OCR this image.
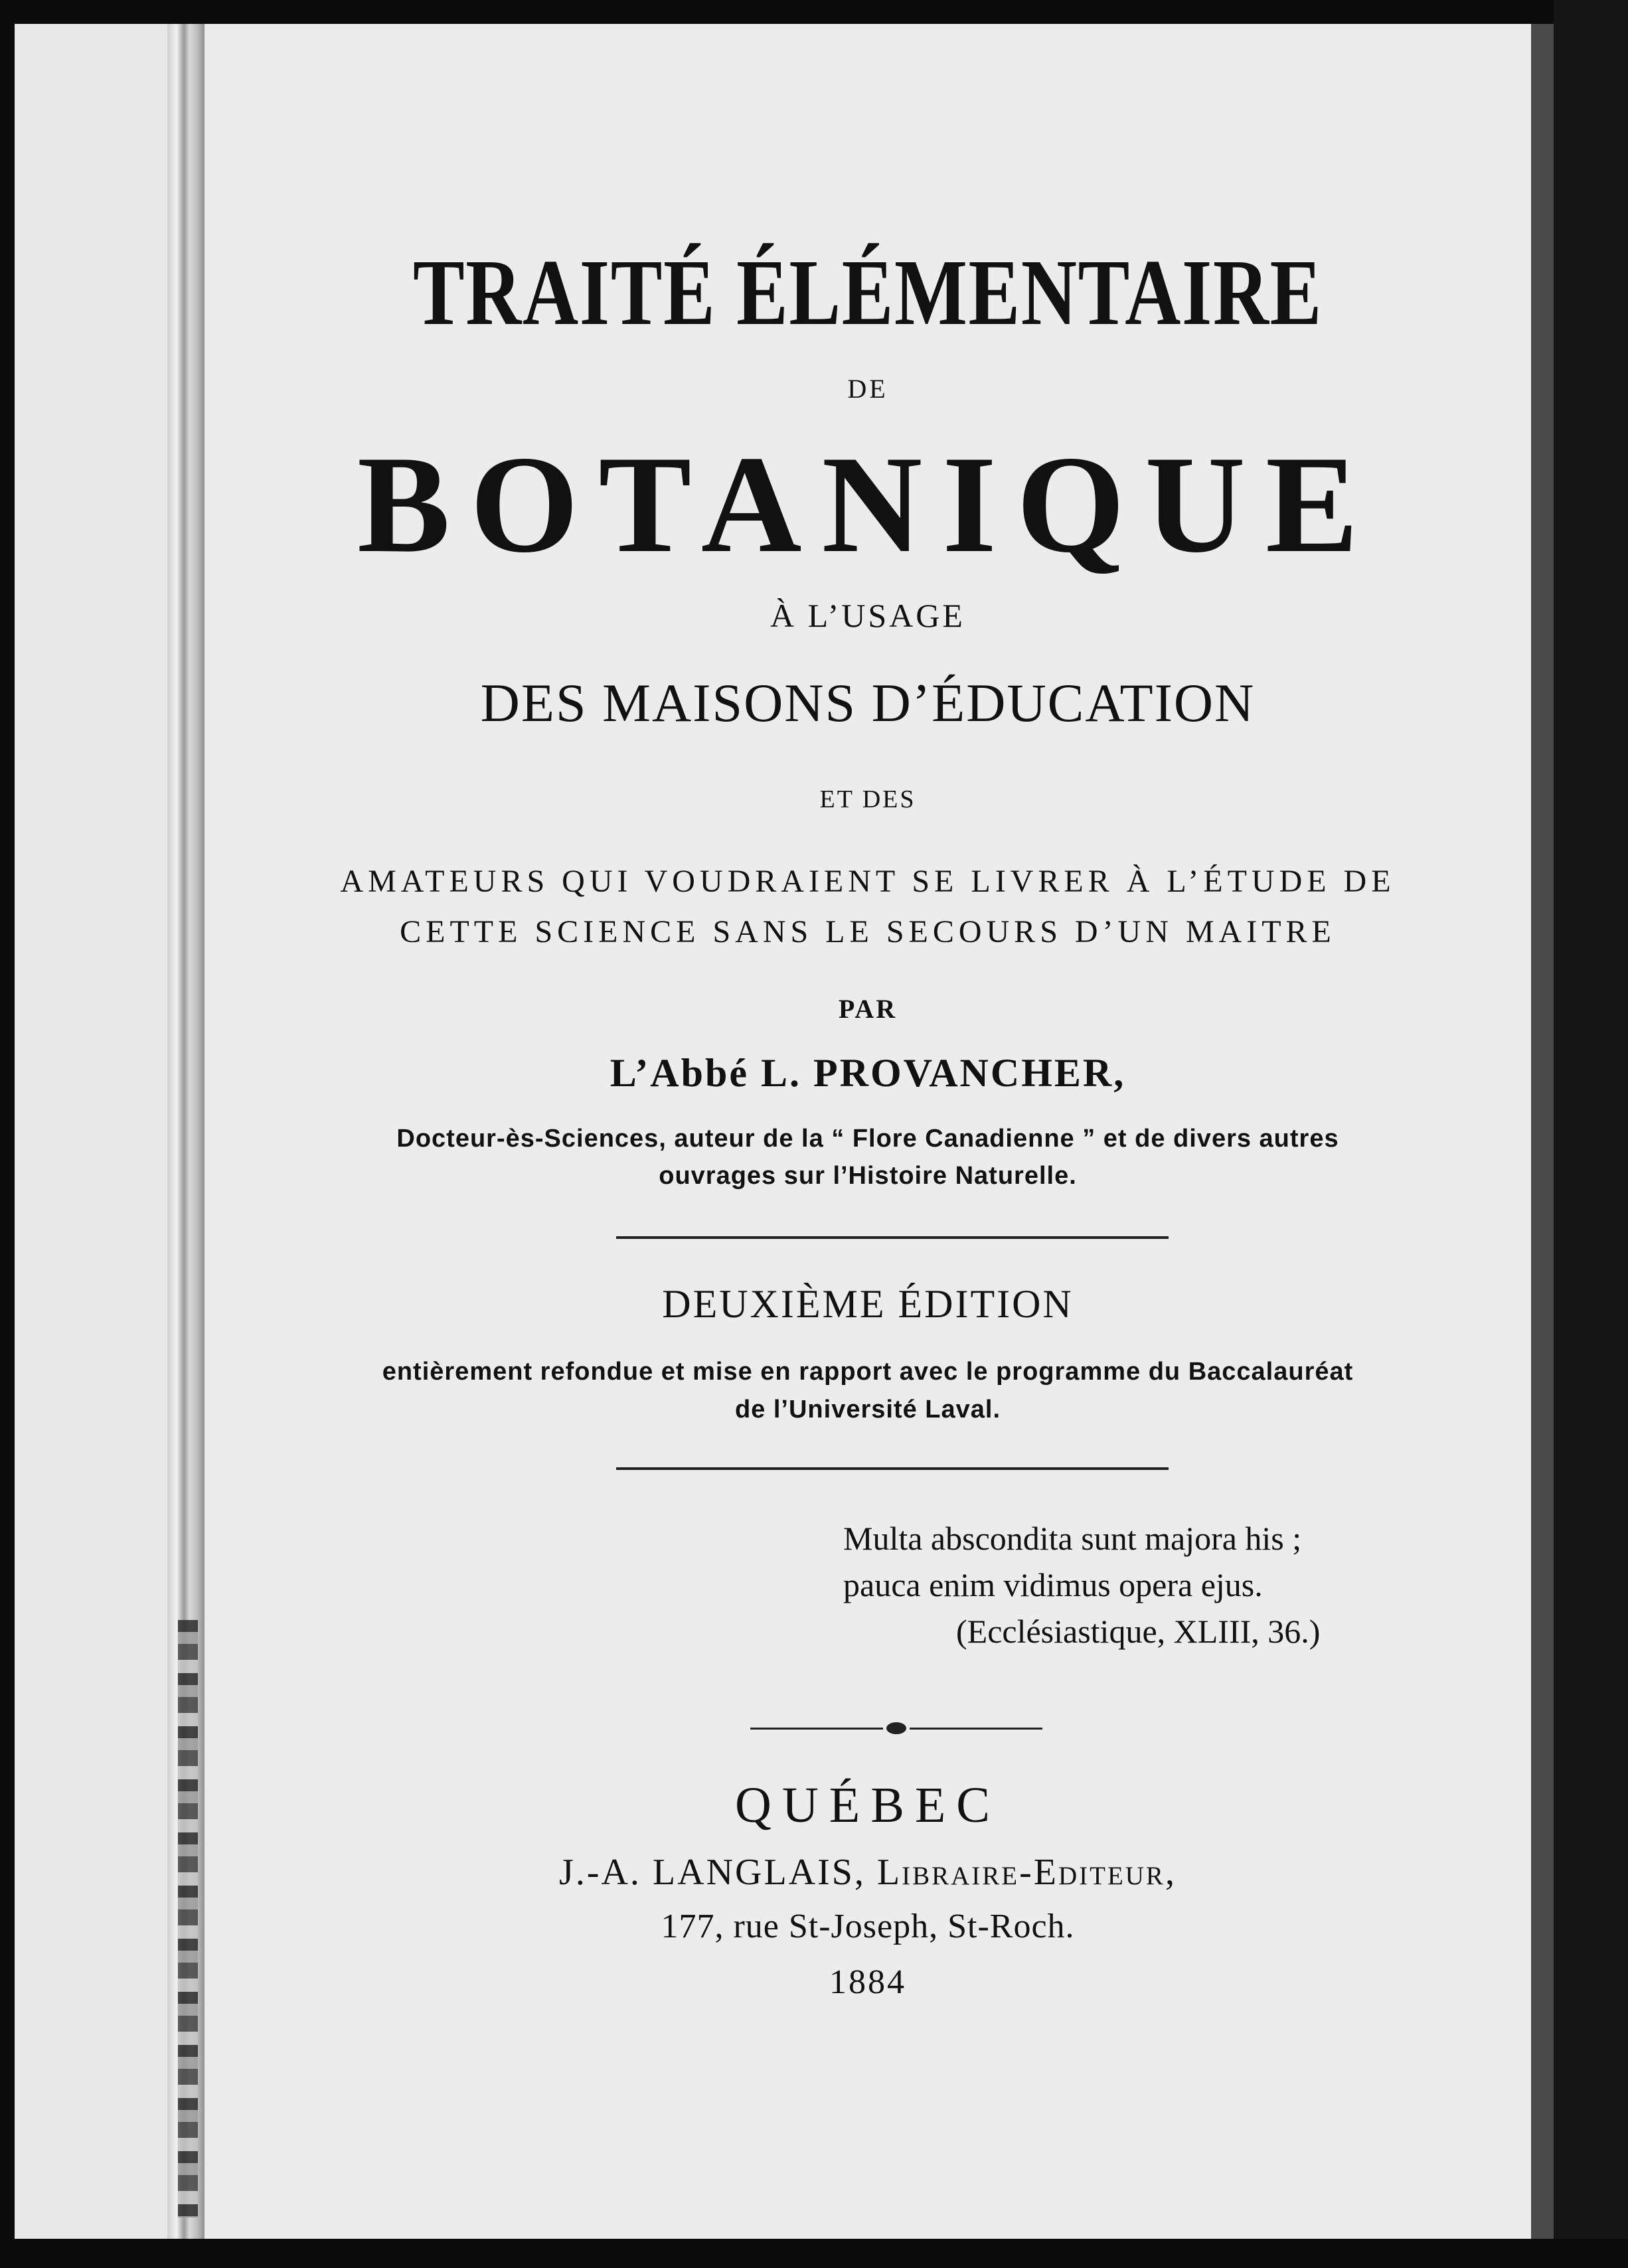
TRAITÉ ÉLÉMENTAIRE
DE
BOTANIQUE
À L’USAGE
DES MAISONS D’ÉDUCATION
ET DES
AMATEURS QUI VOUDRAIENT SE LIVRER À L’ÉTUDE DE
CETTE SCIENCE SANS LE SECOURS D’UN MAITRE
PAR
L’Abbé L. PROVANCHER,
Docteur-ès-Sciences, auteur de la “ Flore Canadienne ” et de divers autres
ouvrages sur l’Histoire Naturelle.
DEUXIÈME ÉDITION
entièrement refondue et mise en rapport avec le programme du Baccalauréat
de l’Université Laval.
Multa abscondita sunt majora his ;
pauca enim vidimus opera ejus.
(Ecclésiastique, XLIII, 36.)
QUÉBEC
J.-A. LANGLAIS, Libraire-Editeur,
177, rue St-Joseph, St-Roch.
1884
